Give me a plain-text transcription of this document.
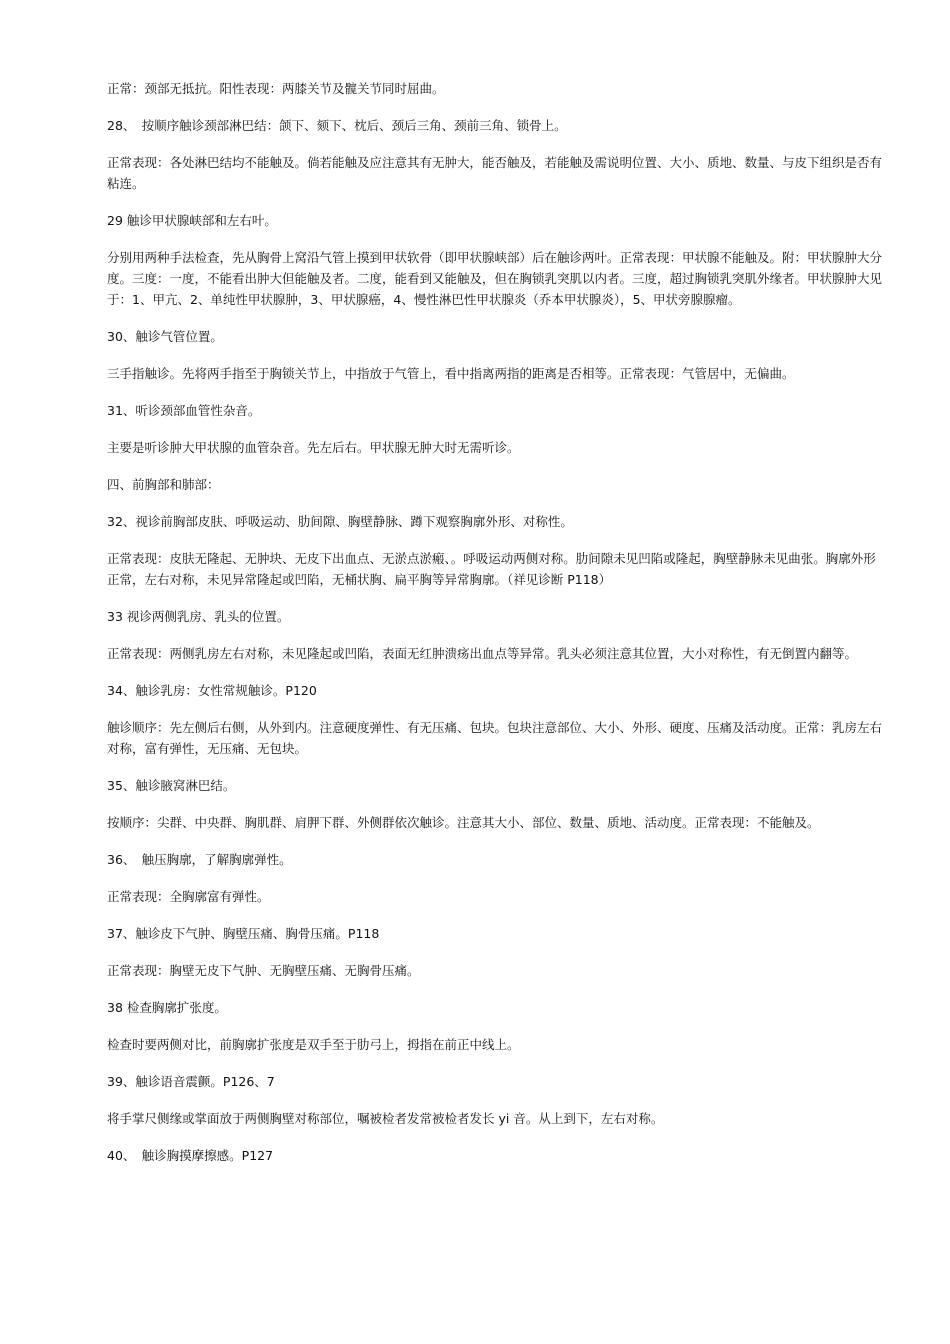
正常：颈部无抵抗。阳性表现：两膝关节及髋关节同时屈曲。

28、　按顺序触诊颈部淋巴结：颌下、颏下、枕后、颈后三角、颈前三角、锁骨上。

正常表现：各处淋巴结均不能触及。倘若能触及应注意其有无肿大，能否触及，若能触及需说明位置、大小、质地、数量、与皮下组织是否有粘连。

29 触诊甲状腺峡部和左右叶。

分别用两种手法检查，先从胸骨上窝沿气管上摸到甲状软骨（即甲状腺峡部）后在触诊两叶。正常表现：甲状腺不能触及。附：甲状腺肿大分度。三度：一度，不能看出肿大但能触及者。二度，能看到又能触及，但在胸锁乳突肌以内者。三度，超过胸锁乳突肌外缘者。甲状腺肿大见于：1、甲亢、2、单纯性甲状腺肿，3、甲状腺癌，4、慢性淋巴性甲状腺炎（乔本甲状腺炎），5、甲状旁腺腺瘤。

30、触诊气管位置。

三手指触诊。先将两手指至于胸锁关节上，中指放于气管上，看中指离两指的距离是否相等。正常表现：气管居中，无偏曲。

31、听诊颈部血管性杂音。

主要是听诊肿大甲状腺的血管杂音。先左后右。甲状腺无肿大时无需听诊。

四、前胸部和肺部：

32、视诊前胸部皮肤、呼吸运动、肋间隙、胸壁静脉、蹲下观察胸廓外形、对称性。

正常表现：皮肤无隆起、无肿块、无皮下出血点、无淤点淤瘢、。呼吸运动两侧对称。肋间隙未见凹陷或隆起，胸壁静脉未见曲张。胸廓外形正常，左右对称，未见异常隆起或凹陷，无桶状胸、扁平胸等异常胸廓。（祥见诊断 P118）

33 视诊两侧乳房、乳头的位置。

正常表现：两侧乳房左右对称，未见隆起或凹陷，表面无红肿溃疡出血点等异常。乳头必须注意其位置，大小对称性，有无倒置内翻等。

34、触诊乳房：女性常规触诊。P120

触诊顺序：先左侧后右侧，从外到内。注意硬度弹性、有无压痛、包块。包块注意部位、大小、外形、硬度、压痛及活动度。正常：乳房左右对称，富有弹性，无压痛、无包块。

35、触诊腋窝淋巴结。

按顺序：尖群、中央群、胸肌群、肩胛下群、外侧群依次触诊。注意其大小、部位、数量、质地、活动度。正常表现：不能触及。

36、　触压胸廓，了解胸廓弹性。

正常表现：全胸廓富有弹性。

37、触诊皮下气肿、胸壁压痛、胸骨压痛。P118

正常表现：胸壁无皮下气肿、无胸壁压痛、无胸骨压痛。

38 检查胸廓扩张度。

检查时要两侧对比，前胸廓扩张度是双手至于肋弓上，拇指在前正中线上。

39、触诊语音震颤。P126、7

将手掌尺侧缘或掌面放于两侧胸壁对称部位，嘱被检者发常被检者发长 yi 音。从上到下，左右对称。

40、　触诊胸摸摩擦感。P127
